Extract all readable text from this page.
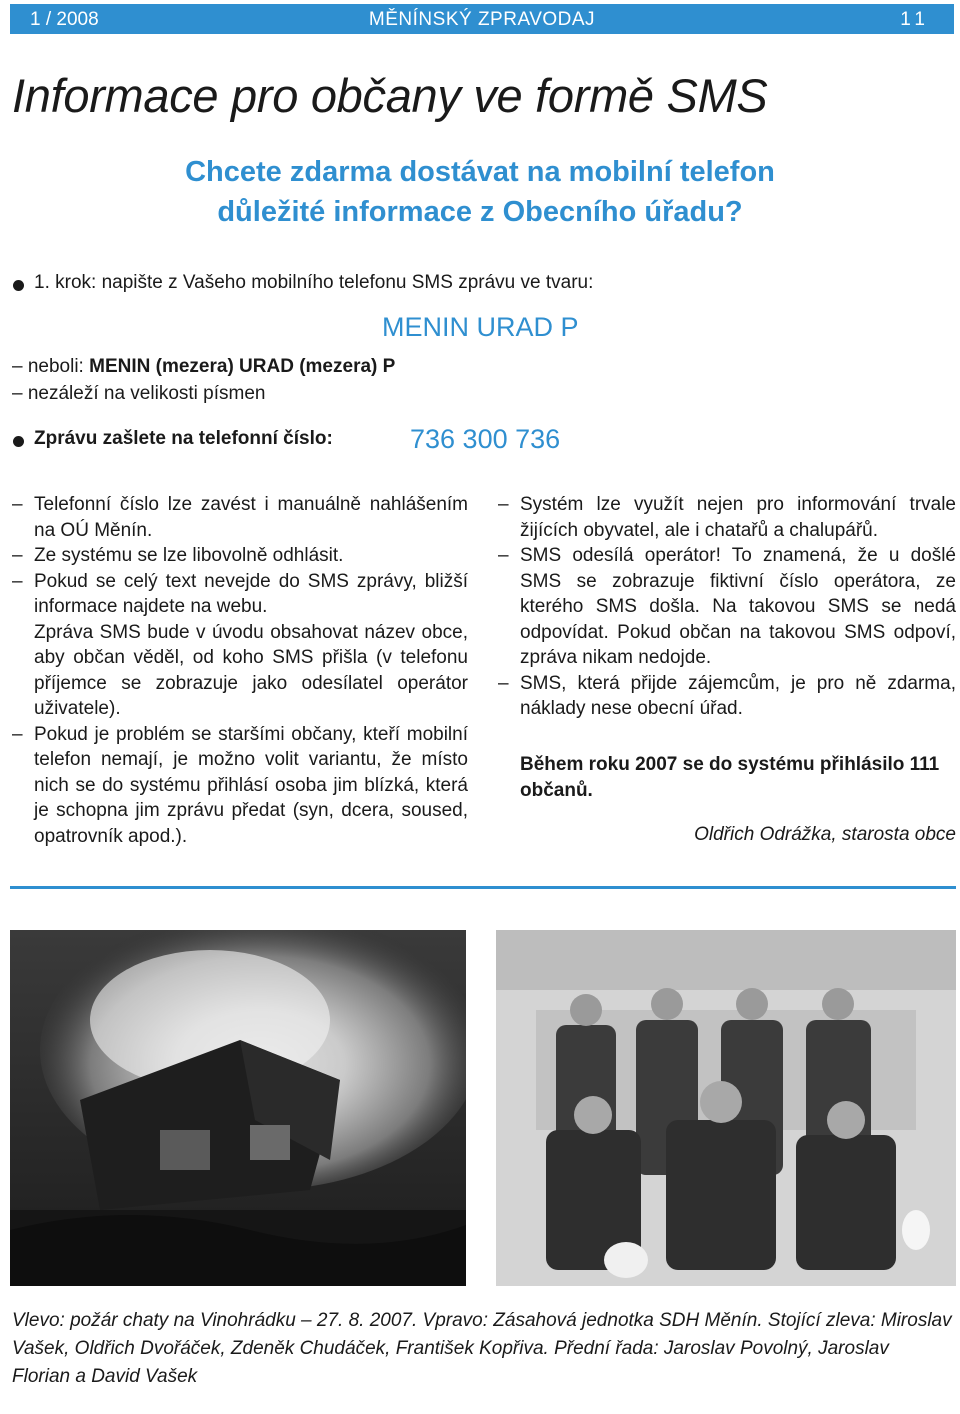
1 / 2008	MĚNÍNSKÝ ZPRAVODAJ	11
Informace pro občany ve formě SMS
Chcete zdarma dostávat na mobilní telefon
důležité informace z Obecního úřadu?
1. krok: napište z Vašeho mobilního telefonu SMS zprávu ve tvaru:
MENIN URAD P
– neboli: MENIN (mezera) URAD (mezera) P
– nezáleží na velikosti písmen
Zprávu zašlete na telefonní číslo:	736 300 736
– Telefonní číslo lze zavést i manuálně nahlášením na OÚ Měnín.
– Ze systému se lze libovolně odhlásit.
– Pokud se celý text nevejde do SMS zprávy, bližší informace najdete na webu.
Zpráva SMS bude v úvodu obsahovat název obce, aby občan věděl, od koho SMS přišla (v telefonu příjemce se zobrazuje jako odesílatel operátor uživatele).
– Pokud je problém se staršími občany, kteří mobilní telefon nemají, je možno volit variantu, že místo nich se do systému přihlásí osoba jim blízká, která je schopna jim zprávu předat (syn, dcera, soused, opatrovník apod.).
– Systém lze využít nejen pro informování trvale žijících obyvatel, ale i chatařů a chalupářů.
– SMS odesílá operátor! To znamená, že u došlé SMS se zobrazuje fiktivní číslo operátora, ze kterého SMS došla. Na takovou SMS se nedá odpovídat. Pokud občan na takovou SMS odpoví, zpráva nikam nedojde.
– SMS, která přijde zájemcům, je pro ně zdarma, náklady nese obecní úřad.
Během roku 2007 se do systému přihlásilo 111 občanů.
Oldřich Odrážka, starosta obce
Vlevo: požár chaty na Vinohrádku – 27. 8. 2007. Vpravo: Zásahová jednotka SDH Měnín. Stojící zleva: Miroslav Vašek, Oldřich Dvořáček, Zdeněk Chudáček, František Kopřiva. Přední řada: Jaroslav Povolný, Jaroslav Florian a David Vašek
